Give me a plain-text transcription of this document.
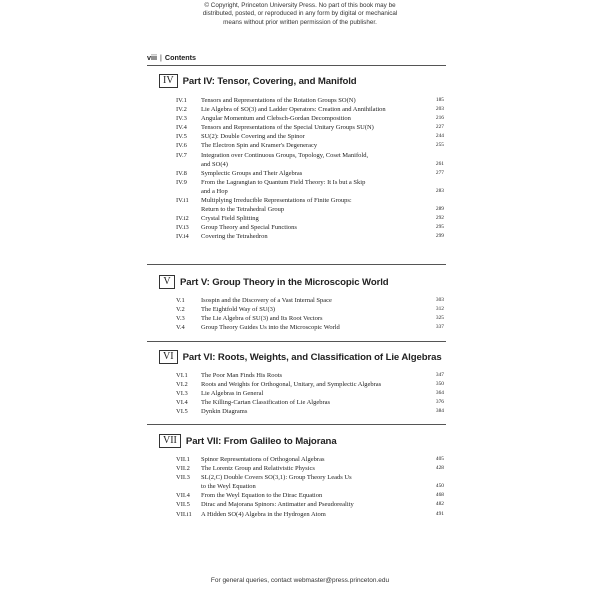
© Copyright, Princeton University Press. No part of this book may be
distributed, posted, or reproduced in any form by digital or mechanical
means without prior written permission of the publisher.
viii | Contents
IV Part IV: Tensor, Covering, and Manifold
IV.1	Tensors and Representations of the Rotation Groups SO(N)	185
IV.2	Lie Algebra of SO(3) and Ladder Operators: Creation and Annihilation	203
IV.3	Angular Momentum and Clebsch-Gordan Decomposition	216
IV.4	Tensors and Representations of the Special Unitary Groups SU(N)	227
IV.5	SU(2): Double Covering and the Spinor	244
IV.6	The Electron Spin and Kramer's Degeneracy	255
IV.7	Integration over Continuous Groups, Topology, Coset Manifold,
and SO(4)	261
IV.8	Symplectic Groups and Their Algebras	277
IV.9	From the Lagrangian to Quantum Field Theory: It Is but a Skip
and a Hop	283
IV.i1	Multiplying Irreducible Representations of Finite Groups:
Return to the Tetrahedral Group	289
IV.i2	Crystal Field Splitting	292
IV.i3	Group Theory and Special Functions	295
IV.i4	Covering the Tetrahedron	299
V Part V: Group Theory in the Microscopic World
V.1	Isospin and the Discovery of a Vast Internal Space	303
V.2	The Eightfold Way of SU(3)	312
V.3	The Lie Algebra of SU(3) and Its Root Vectors	325
V.4	Group Theory Guides Us into the Microscopic World	337
VI Part VI: Roots, Weights, and Classification of Lie Algebras
VI.1	The Poor Man Finds His Roots	347
VI.2	Roots and Weights for Orthogonal, Unitary, and Symplectic Algebras	350
VI.3	Lie Algebras in General	364
VI.4	The Killing-Cartan Classification of Lie Algebras	376
VI.5	Dynkin Diagrams	384
VII Part VII: From Galileo to Majorana
VII.1	Spinor Representations of Orthogonal Algebras	405
VII.2	The Lorentz Group and Relativistic Physics	428
VII.3	SL(2,C) Double Covers SO(3,1): Group Theory Leads Us
to the Weyl Equation	450
VII.4	From the Weyl Equation to the Dirac Equation	468
VII.5	Dirac and Majorana Spinors: Antimatter and Pseudoreality	482
VII.i1	A Hidden SO(4) Algebra in the Hydrogen Atom	491
For general queries, contact webmaster@press.princeton.edu
